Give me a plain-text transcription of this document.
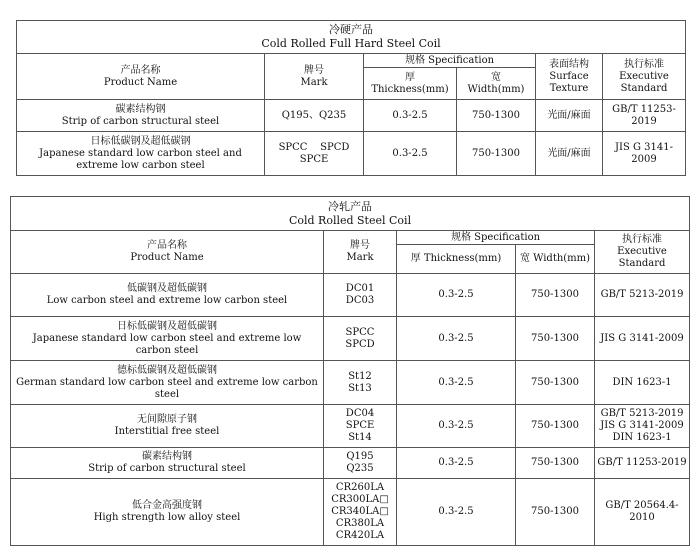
冷硬产品
Cold Rolled Full Hard Steel Coil					

产品名称
Product Name	牌号
Mark	规格 Specification		表面结构
Surface
Texture	执行标准
Executive
Standard

		厚
Thickness(mm)	宽
Width(mm)		

碳素结构钢
Strip of carbon structural steel	Q195、Q235	0.3-2.5	750-1300	光面/麻面	GB/T 11253-
2019

日标低碳钢及超低碳钢
Japanese standard low carbon steel and
extreme low carbon steel	SPCC    SPCD
SPCE	0.3-2.5	750-1300	光面/麻面	JIS G 3141-
2009
冷轧产品
Cold Rolled Steel Coil				

产品名称
Product Name	牌号
Mark	规格 Specification		执行标准
Executive
Standard

		厚 Thickness(mm)	宽 Width(mm)	

低碳钢及超低碳钢
Low carbon steel and extreme low carbon steel	DC01
DC03	0.3-2.5	750-1300	GB/T 5213-2019

日标低碳钢及超低碳钢
Japanese standard low carbon steel and extreme low
carbon steel	SPCC
SPCD	0.3-2.5	750-1300	JIS G 3141-2009

德标低碳钢及超低碳钢
German standard low carbon steel and extreme low carbon
steel	St12
St13	0.3-2.5	750-1300	DIN 1623-1

无间隙原子钢
Interstitial free steel	DC04
SPCE
St14	0.3-2.5	750-1300	GB/T 5213-2019
JIS G 3141-2009
DIN 1623-1

碳素结构钢
Strip of carbon structural steel	Q195
Q235	0.3-2.5	750-1300	GB/T 11253-2019

低合金高强度钢
High strength low alloy steel	CR260LA
CR300LA□
CR340LA□
CR380LA
CR420LA	0.3-2.5	750-1300	GB/T 20564.4-
2010
